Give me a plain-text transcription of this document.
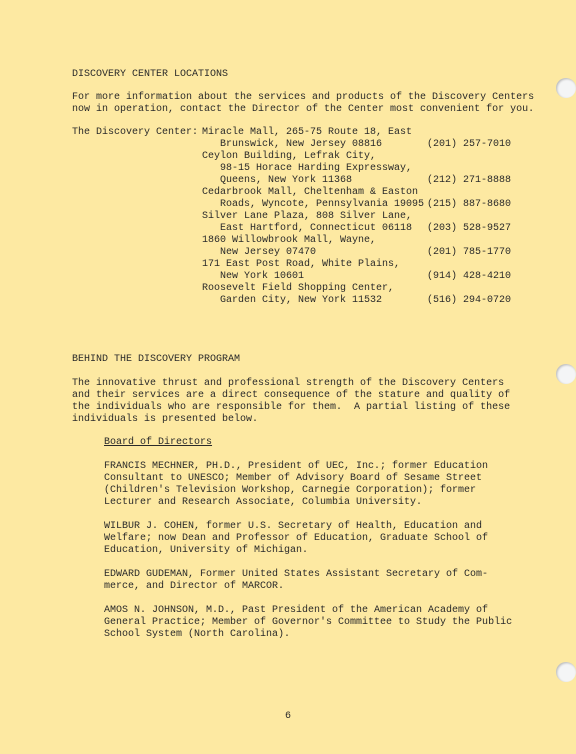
DISCOVERY CENTER LOCATIONS
For more information about the services and products of the Discovery Centers
now in operation, contact the Director of the Center most convenient for you.
The Discovery Center: Miracle Mall, 265-75 Route 18, East
Brunswick, New Jersey 08816	(201) 257-7010
Ceylon Building, Lefrak City,
98-15 Horace Harding Expressway,
Queens, New York 11368	(212) 271-8888
Cedarbrook Mall, Cheltenham & Easton
Roads, Wyncote, Pennsylvania 19095 (215) 887-8680
Silver Lane Plaza, 808 Silver Lane,
East Hartford, Connecticut 06118 (203) 528-9527
1860 Willowbrook Mall, Wayne,
New Jersey 07470	(201) 785-1770
171 East Post Road, White Plains,
New York 10601	(914) 428-4210
Roosevelt Field Shopping Center,
Garden City, New York 11532	(516) 294-0720
BEHIND THE DISCOVERY PROGRAM
The innovative thrust and professional strength of the Discovery Centers
and their services are a direct consequence of the stature and quality of
the individuals who are responsible for them.  A partial listing of these
individuals is presented below.
Board of Directors
FRANCIS MECHNER, PH.D., President of UEC, Inc.; former Education
Consultant to UNESCO; Member of Advisory Board of Sesame Street
(Children's Television Workshop, Carnegie Corporation); former
Lecturer and Research Associate, Columbia University.
WILBUR J. COHEN, former U.S. Secretary of Health, Education and
Welfare; now Dean and Professor of Education, Graduate School of
Education, University of Michigan.
EDWARD GUDEMAN, Former United States Assistant Secretary of Com-
merce, and Director of MARCOR.
AMOS N. JOHNSON, M.D., Past President of the American Academy of
General Practice; Member of Governor's Committee to Study the Public
School System (North Carolina).
6
